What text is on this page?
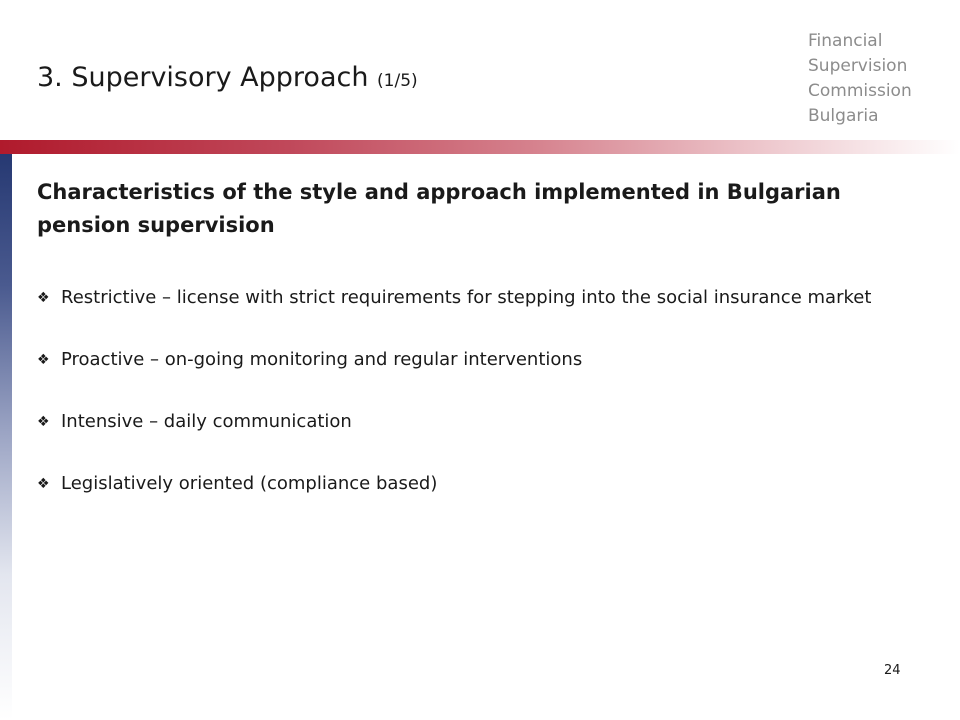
3. Supervisory Approach (1/5)
Financial
Supervision
Commission
Bulgaria
Characteristics of the style and approach implemented in Bulgarian pension supervision
❖ Restrictive – license with strict requirements for stepping into the social insurance market
❖ Proactive – on-going monitoring and regular interventions
❖ Intensive – daily communication
❖ Legislatively oriented (compliance based)
24
